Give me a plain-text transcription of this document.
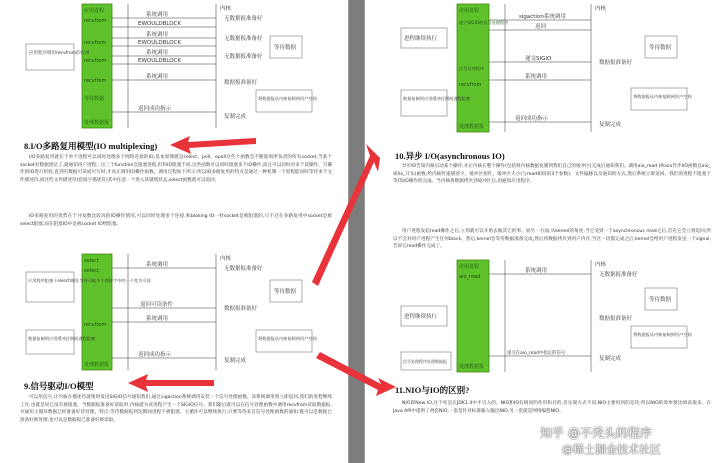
应用进程	内核
recvfrom
recvfrom
recvfrom
recvfrom
等待数据
处理数据报
应用程序调用recvfrom的应用
系统调用
EWOULDBLOCK
无数据报准备好
系统调用
EWOULDBLOCK
无数据报准备好
系统调用
EWOULDBLOCK
无数据报准备好
等待数据
系统调用
数据报准备好
将数据报从内核复制到用户空间
返回成功指示
复制完成
8.I/O多路复用模型(IO multiplexing)

I/O多路复用就在于单个进程可以同时处理多个网络连接的IO,基本原理就是select、poll、epoll这些个函数会不断轮询所负责的所有socket,当某个socket有数据到达了,就通知用户进程。这三个function会阻塞进程,但和IO阻塞不同,这些函数可以同时阻塞多个IO操作,而且可以同时对多个读操作、写操作的IO进行检验,直到有数据可读或可写时,才真正调用IO操作函数。调用过程如下所示:所以IO多路复用的特点是通过一种机制一个进程能同时等待多个文件描述符,而这些文件描述符(套接字描述符)其中任意一个进入读就绪状态,select函数就可以返回。

IO多路复用的优势在于并发数比较高的IO操作情况,可以同时处理多个连接,和bloking IO一样socket是被阻塞的,只不过在多路复用中socket是被select阻塞,而在阻塞IO中是被socket IO给阻塞。

select	内核
select
recvfrom
处理数据报
应用程序阻塞于select调用,等待可能多个套接字中的一个变为可读
数据复制到应用缓冲区期间进程阻塞
系统调用
无数据报准备好
等待数据
返回可读条件
数据报准备好
系统调用
将数据报从内核复制到用户空间
返回成功指示
复制完成
9.信号驱动I/O模型

可以用信号,让内核在描述符就绪时发送SIGIO信号通知我们,通过sigaction系统调用安装一个信号处理函数。该系统调用将立即返回,我们的进程继续工作,也就是说它没有被阻塞。当数据报准备好读取时,内核就为该进程产生一个SIGIO信号。我们随后既可以在信号处理函数中调用recvfrom读取数据报,并通知主循环数据已经准备好待处理。特点:等待数据报到达期间进程不被阻塞。主循环可以继续执行,只要等待来自信号处理函数的通知:既可以是数据已准备好被处理,也可以是数据报已准备好被读取。

应用进程	内核
建立SIGIO的信号处理程序
信号处理程序
recvfrom
处理数据报
进程继续执行
数据复制到应用缓冲区期间进程阻塞
sigaction系统调用
返回
等待数据
递交SIGIO
数据报准备好
系统调用
将数据报从内核复制到用户空间
返回成功指示
复制完成
10.异步 I/O(asynchronous IO)

异步IO告知内核启动某个操作,并让内核在整个操作(包括将内核数据复制到我们自己的缓冲区)完成后通知我们。调用aio_read (Posix异步I/O函数以aio_或lio_开头)函数,给内核传递描述字、缓冲区指针、缓冲区大小(与read相同的3个参数)、文件偏移以及通知的方式,然后系统立即返回。我们的进程不阻塞于等待I/O操作的完成。当内核将数据拷贝到缓冲区后,再通知应用程序。

用户进程发起read操作之后,立刻就可以开始去做其它的事。而另一方面,从kernel的角度,当它受到一个asynchronous read之后,首先它会立刻返回,所以不会对用户进程产生任何block。然后,kernel会等待数据准备完成,然后将数据拷贝到用户内存,当这一切都完成之后,kernel会给用户进程发送一个signal,告诉它read操作完成了。

应用进程	内核
aio_read
处理数据报
进程继续执行
系统调用
无数据报准备好
等待数据
数据报准备好
将数据报从内核复制到用户空间
递交在aio_read中指定的信号
复制完成
信号处理程序处理数据报
11.NIO与IO的区别?

NIO即New IO,这个库是在JDK1.4中才引入的。NIO和IO有相同的作用和目的,但实现方式不同,NIO主要用到的是块,所以NIO的效率要比IO高很多。在Java API中提供了两套NIO,一套是针对标准输入输出NIO,另一套就是网络编程NIO。

知乎 @不秃头的程序
@稀土掘金技术社区
